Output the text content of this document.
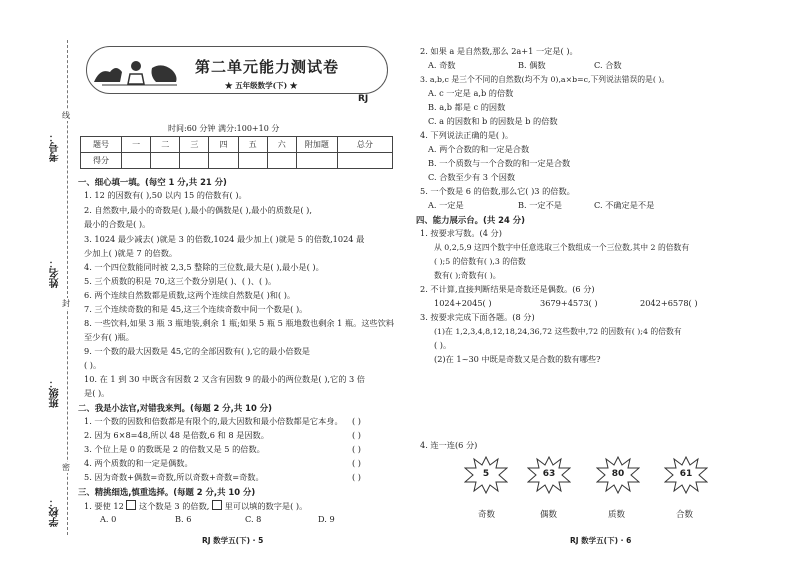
考号：
姓名：
班级：
学校：
线
封
密
第二单元能力测试卷
★ 五年级数学(下) ★
RJ
时间:60 分钟 满分:100+10 分
题号	一	二	三	四	五	六	附加题	总分
得分								
一、细心填一填。(每空 1 分,共 21 分)
1. 12 的因数有( ),50 以内 15 的倍数有( )。
2. 自然数中,最小的奇数是( ),最小的偶数是( ),最小的质数是( ),
最小的合数是( )。
3. 1024 最少减去( )就是 3 的倍数,1024 最少加上( )就是 5 的倍数,1024 最
少加上( )就是 7 的倍数。
4. 一个四位数能同时被 2,3,5 整除的三位数,最大是( ),最小是( )。
5. 三个质数的积是 70,这三个数分别是( )、( )、( )。
6. 两个连续自然数都是质数,这两个连续自然数是( )和( )。
7. 三个连续奇数的和是 45,这三个连续奇数中间一个数是( )。
8. 一些饮料,如果 3 瓶 3 瓶地装,剩余 1 瓶;如果 5 瓶 5 瓶地数也剩余 1 瓶。这些饮料
至少有( )瓶。
9. 一个数的最大因数是 45,它的全部因数有( ),它的最小倍数是
( )。
10. 在 1 到 30 中既含有因数 2 又含有因数 9 的最小的两位数是( ),它的 3 倍
是( )。
二、我是小法官,对错我来判。(每题 2 分,共 10 分)
1. 一个数的因数和倍数都是有限个的,最大因数和最小倍数都是它本身。
2. 因为 6×8=48,所以 48 是倍数,6 和 8 是因数。
3. 个位上是 0 的数既是 2 的倍数又是 5 的倍数。
4. 两个质数的和一定是偶数。
5. 因为奇数+偶数=奇数,所以奇数+奇数=奇数。
( )
( )
( )
( )
( )
三、精挑细选,慎重选择。(每题 2 分,共 10 分)
1. 要使 12 这个数是 3 的倍数, 里可以填的数字是( )。
A. 0	B. 6	C. 8	D. 9
RJ 数学五(下) · 5
2. 如果 a 是自然数,那么 2a+1 一定是( )。
A. 奇数	B. 偶数	C. 合数
3. a,b,c 是三个不同的自然数(均不为 0),a×b=c,下列说法错误的是( )。
A. c 一定是 a,b 的倍数
B. a,b 都是 c 的因数
C. a 的因数和 b 的因数是 b 的倍数
4. 下列说法正确的是( )。
A. 两个合数的和一定是合数
B. 一个质数与一个合数的和一定是合数
C. 合数至少有 3 个因数
5. 一个数是 6 的倍数,那么它( )3 的倍数。
A. 一定是	B. 一定不是	C. 不确定是不是
四、能力展示台。(共 24 分)
1. 按要求写数。(4 分)
从 0,2,5,9 这四个数字中任意选取三个数组成一个三位数,其中 2 的倍数有
( );5 的倍数有( ),3 的倍数
数有( );奇数有( )。
2. 不计算,直接判断结果是奇数还是偶数。(6 分)
1024+2045( )	3679+4573( )	2042+6578( )
3. 按要求完成下面各题。(8 分)
(1)在 1,2,3,4,8,12,18,24,36,72 这些数中,72 的因数有( );4 的倍数有
( )。
(2)在 1~30 中既是奇数又是合数的数有哪些?
4. 连一连(6 分)
5	63	80	61
奇数	偶数	质数	合数
RJ 数学五(下) · 6
